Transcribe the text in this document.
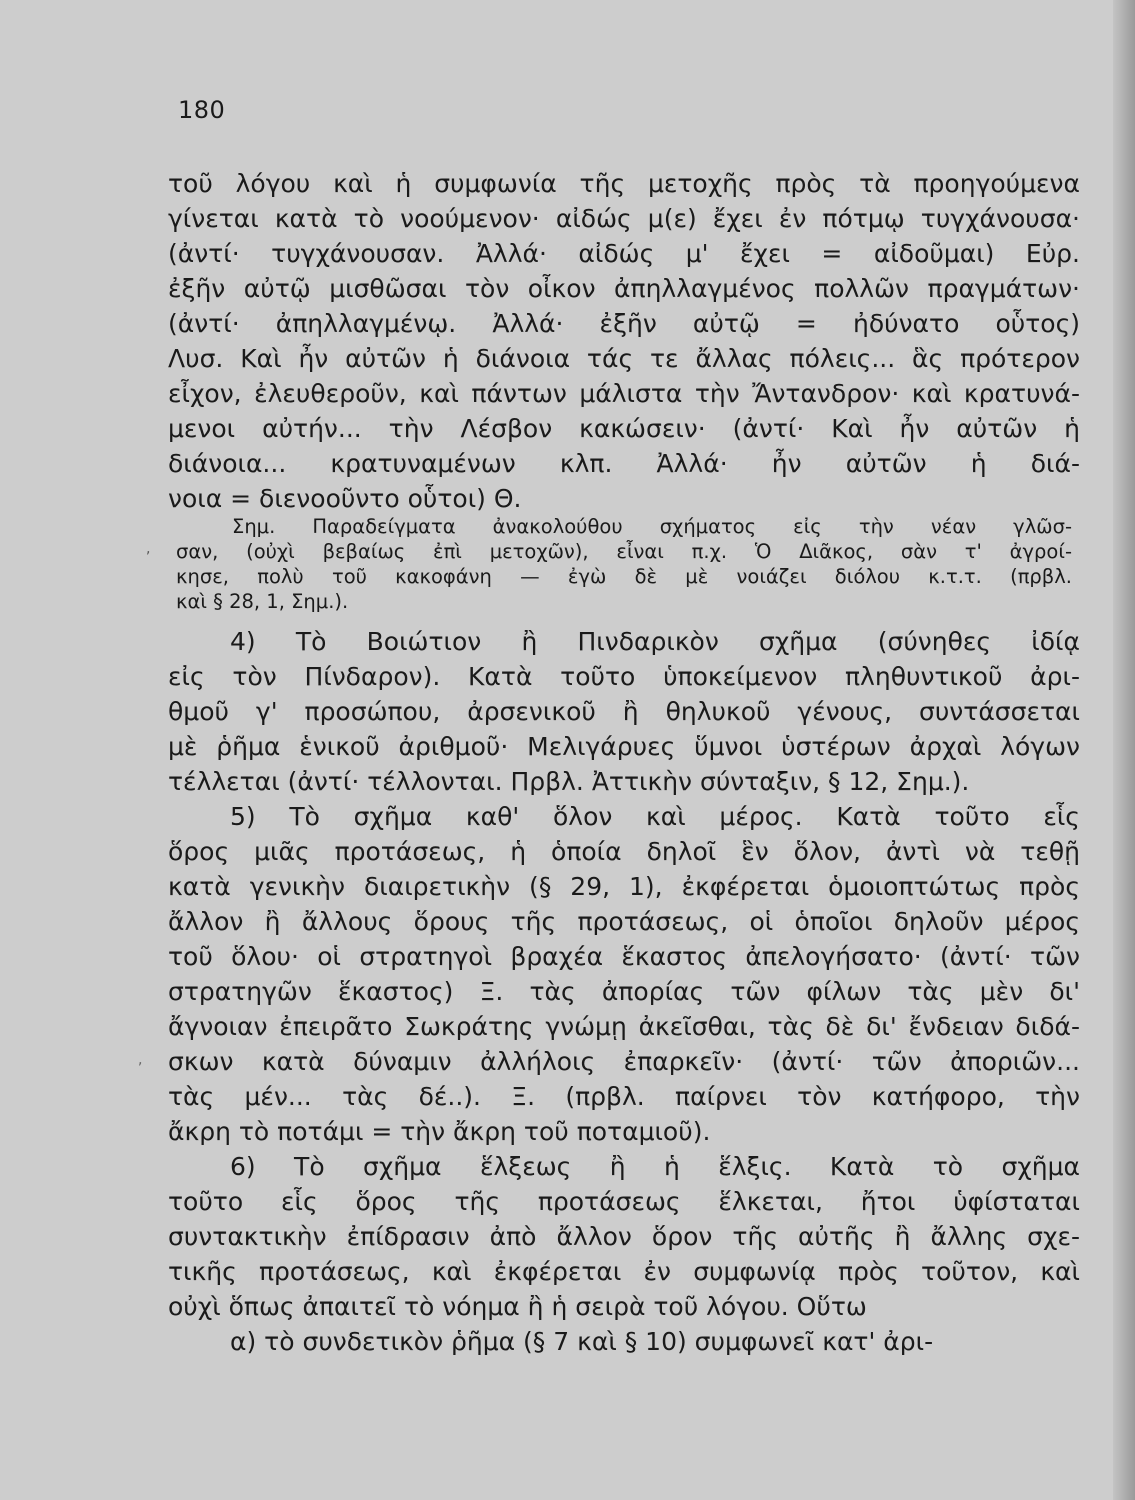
180
τοῦ λόγου καὶ ἡ συμφωνία τῆς μετοχῆς πρὸς τὰ προηγούμενα
γίνεται κατὰ τὸ νοούμενον· αἰδώς μ(ε) ἔχει ἐν πότμῳ τυγχάνουσα·
(ἀντί· τυγχάνουσαν. Ἀλλά· αἰδώς μ' ἔχει = αἰδοῦμαι) Εὐρ.
ἐξῆν αὐτῷ μισθῶσαι τὸν οἶκον ἀπηλλαγμένος πολλῶν πραγμάτων·
(ἀντί· ἀπηλλαγμένῳ. Ἀλλά· ἐξῆν αὐτῷ = ἠδύνατο οὗτος)
Λυσ. Καὶ ἦν αὐτῶν ἡ διάνοια τάς τε ἄλλας πόλεις... ἃς πρότερον
εἶχον, ἐλευθεροῦν, καὶ πάντων μάλιστα τὴν Ἄντανδρον· καὶ κρατυνά-
μενοι αὐτήν... τὴν Λέσβον κακώσειν· (ἀντί· Καὶ ἦν αὐτῶν ἡ
διάνοια... κρατυναμένων κλπ. Ἀλλά· ἦν αὐτῶν ἡ διά-
νοια = διενοοῦντο οὗτοι) Θ.
,
Σημ. Παραδείγματα ἀνακολούθου σχήματος εἰς τὴν νέαν γλῶσ-
σαν, (οὐχὶ βεβαίως ἐπὶ μετοχῶν), εἶναι π.χ. Ὁ Διᾶκος, σὰν τ' ἀγροί-
κησε, πολὺ τοῦ κακοφάνη — ἐγὼ δὲ μὲ νοιάζει διόλου κ.τ.τ. (πρβλ.
καὶ § 28, 1, Σημ.).
4) Τὸ Βοιώτιον ἢ Πινδαρικὸν σχῆμα (σύνηθες ἰδίᾳ
εἰς τὸν Πίνδαρον). Κατὰ τοῦτο ὑποκείμενον πληθυντικοῦ ἀρι-
θμοῦ γ' προσώπου, ἀρσενικοῦ ἢ θηλυκοῦ γένους, συντάσσεται
μὲ ῥῆμα ἑνικοῦ ἀριθμοῦ· Μελιγάρυες ὕμνοι ὑστέρων ἀρχαὶ λόγων
τέλλεται (ἀντί· τέλλονται. Πρβλ. Ἀττικὴν σύνταξιν, § 12, Σημ.).
5) Τὸ σχῆμα καθ' ὅλον καὶ μέρος. Κατὰ τοῦτο εἷς
ὅρος μιᾶς προτάσεως, ἡ ὁποία δηλοῖ ἓν ὅλον, ἀντὶ νὰ τεθῇ
κατὰ γενικὴν διαιρετικὴν (§ 29, 1), ἐκφέρεται ὁμοιοπτώτως πρὸς
ἄλλον ἢ ἄλλους ὅρους τῆς προτάσεως, οἱ ὁποῖοι δηλοῦν μέρος
τοῦ ὅλου· οἱ στρατηγοὶ βραχέα ἕκαστος ἀπελογήσατο· (ἀντί· τῶν
στρατηγῶν ἕκαστος) Ξ. τὰς ἀπορίας τῶν φίλων τὰς μὲν δι'
ἄγνοιαν ἐπειρᾶτο Σωκράτης γνώμῃ ἀκεῖσθαι, τὰς δὲ δι' ἔνδειαν διδά-
σκων κατὰ δύναμιν ἀλλήλοις ἐπαρκεῖν· (ἀντί· τῶν ἀποριῶν...
τὰς μέν... τὰς δέ..). Ξ. (πρβλ. παίρνει τὸν κατήφορο, τὴν
ἄκρη τὸ ποτάμι = τὴν ἄκρη τοῦ ποταμιοῦ).
,
6) Τὸ σχῆμα ἕλξεως ἢ ἡ ἕλξις. Κατὰ τὸ σχῆμα
τοῦτο εἷς ὅρος τῆς προτάσεως ἕλκεται, ἤτοι ὑφίσταται
συντακτικὴν ἐπίδρασιν ἀπὸ ἄλλον ὅρον τῆς αὐτῆς ἢ ἄλλης σχε-
τικῆς προτάσεως, καὶ ἐκφέρεται ἐν συμφωνίᾳ πρὸς τοῦτον, καὶ
οὐχὶ ὅπως ἀπαιτεῖ τὸ νόημα ἢ ἡ σειρὰ τοῦ λόγου. Οὕτω
α) τὸ συνδετικὸν ῥῆμα (§ 7 καὶ § 10) συμφωνεῖ κατ' ἀρι-
